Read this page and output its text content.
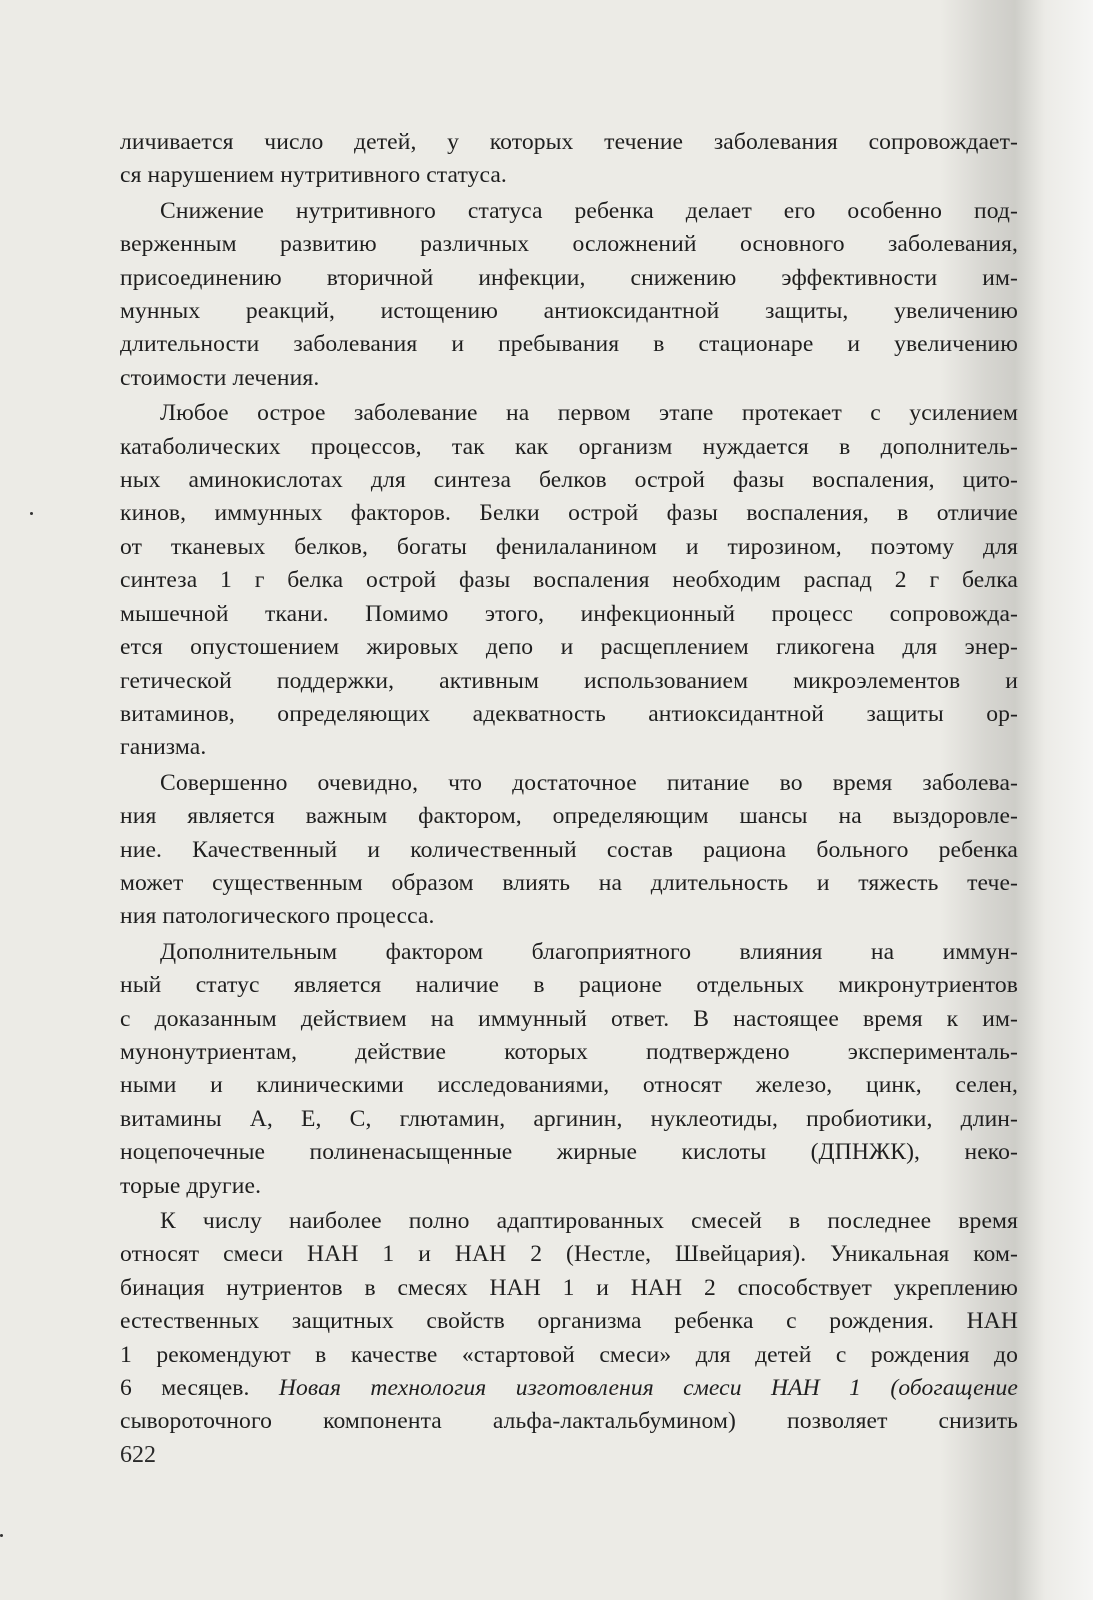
личивается число детей, у которых течение заболевания сопровождает-
ся нарушением нутритивного статуса.

Снижение нутритивного статуса ребенка делает его особенно под-
верженным развитию различных осложнений основного заболевания,
присоединению вторичной инфекции, снижению эффективности им-
мунных реакций, истощению антиоксидантной защиты, увеличению
длительности заболевания и пребывания в стационаре и увеличению
стоимости лечения.

Любое острое заболевание на первом этапе протекает с усилением
катаболических процессов, так как организм нуждается в дополнитель-
ных аминокислотах для синтеза белков острой фазы воспаления, цито-
кинов, иммунных факторов. Белки острой фазы воспаления, в отличие
от тканевых белков, богаты фенилаланином и тирозином, поэтому для
синтеза 1 г белка острой фазы воспаления необходим распад 2 г белка
мышечной ткани. Помимо этого, инфекционный процесс сопровожда-
ется опустошением жировых депо и расщеплением гликогена для энер-
гетической поддержки, активным использованием микроэлементов и
витаминов, определяющих адекватность антиоксидантной защиты ор-
ганизма.

Совершенно очевидно, что достаточное питание во время заболева-
ния является важным фактором, определяющим шансы на выздоровле-
ние. Качественный и количественный состав рациона больного ребенка
может существенным образом влиять на длительность и тяжесть тече-
ния патологического процесса.

Дополнительным фактором благоприятного влияния на иммун-
ный статус является наличие в рационе отдельных микронутриентов
с доказанным действием на иммунный ответ. В настоящее время к им-
мунонутриентам, действие которых подтверждено эксперименталь-
ными и клиническими исследованиями, относят железо, цинк, селен,
витамины А, Е, С, глютамин, аргинин, нуклеотиды, пробиотики, длин-
ноцепочечные полиненасыщенные жирные кислоты (ДПНЖК), неко-
торые другие.

К числу наиболее полно адаптированных смесей в последнее время
относят смеси НАН 1 и НАН 2 (Нестле, Швейцария). Уникальная ком-
бинация нутриентов в смесях НАН 1 и НАН 2 способствует укреплению
естественных защитных свойств организма ребенка с рождения. НАН
1 рекомендуют в качестве «стартовой смеси» для детей с рождения до
6 месяцев. Новая технология изготовления смеси НАН 1 (обогащение
сывороточного компонента альфа-лактальбумином) позволяет снизить

622
